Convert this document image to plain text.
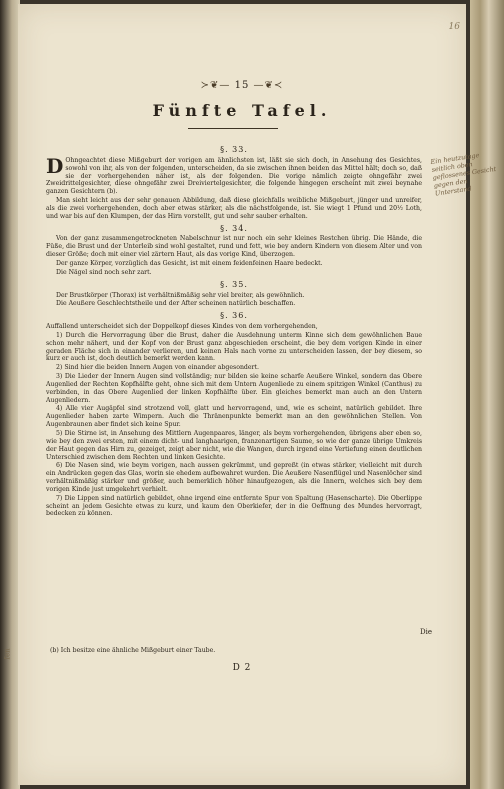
fen
16
≻❦— 15 —❦≺
Fünfte Tafel.
§. 33.

D Ohngeachtet diese Mißgeburt der vorigen am ähnlichsten ist, läßt sie sich doch, in Ansehung des Gesichtes, sowohl von ihr, als von der folgenden, unterscheiden, da sie zwischen ihnen beiden das Mittel hält; doch so, daß sie der vorhergehenden näher ist, als der folgenden. Die vorige nämlich zeigte ohngefähr zwei Zweidrittelgesichter, diese ohngefähr zwei Dreiviertelgesichter, die folgende hingegen erscheint mit zwei beynahe ganzen Gesichtern (b).

Man sieht leicht aus der sehr genauen Abbildung, daß diese gleichfalls weibliche Mißgeburt, jünger und unreifer, als die zwei vorhergehenden, doch aber etwas stärker, als die nächstfolgende, ist. Sie wiegt 1 Pfund und 20½ Loth, und war bis auf den Klumpen, der das Hirn vorstellt, gut und sehr sauber erhalten.

§. 34.

Von der ganz zusammengetrockneten Nabelschnur ist nur noch ein sehr kleines Restchen übrig. Die Hände, die Füße, die Brust und der Unterleib sind wohl gestaltet, rund und fett, wie bey andern Kindern von diesem Alter und von dieser Größe; doch mit einer viel zärtern Haut, als das vorige Kind, überzogen.

Der ganze Körper, vorzüglich das Gesicht, ist mit einem feidenfeinen Haare bedeckt.

Die Nägel sind noch sehr zart.

§. 35.

Der Brustkörper (Thorax) ist verhältnißmäßig sehr viel breiter, als gewöhnlich.

Die Aeußere Geschlechtstheile und der After scheinen natürlich beschaffen.

§. 36.

Auffallend unterscheidet sich der Doppelkopf dieses Kindes von dem vorhergehenden,

1) Durch die Hervorragung über die Brust, daher die Ausdehnung unterm Kinne sich dem gewöhnlichen Baue schon mehr nähert, und der Kopf von der Brust ganz abgeschieden erscheint, die bey dem vorigen Kinde in einer geraden Fläche sich in einander verlieren, und keinen Hals nach vorne zu unterscheiden lassen, der bey diesem, so kurz er auch ist, doch deutlich bemerkt werden kann.

2) Sind hier die beiden Innern Augen von einander abgesondert.

3) Die Lieder der Innern Augen sind vollständig; nur bilden sie keine scharfe Aeußere Winkel, sondern das Obere Augenlied der Rechten Kopfhälfte geht, ohne sich mit dem Untern Augenliede zu einem spitzigen Winkel (Canthus) zu verbinden, in das Obere Augenlied der linken Kopfhälfte über. Ein gleiches bemerkt man auch an den Untern Augenliedern.

4) Alle vier Augäpfel sind strotzend voll, glatt und hervorragend, und, wie es scheint, natürlich gebildet. Ihre Augenlieder haben zarte Wimpern. Auch die Thränenpunkte bemerkt man an den gewöhnlichen Stellen. Von Augenbraunen aber findet sich keine Spur.

5) Die Stirne ist, in Ansehung des Mittlern Augenpaares, länger, als beym vorhergehenden, übrigens aber eben so, wie bey den zwei ersten, mit einem dicht- und langhaarigen, franzenartigen Saume, so wie der ganze übrige Umkreis der Haut gegen das Hirn zu, gezeiget, zeigt aber nicht, wie die Wangen, durch irgend eine Vertiefung einen deutlichen Unterschied zwischen dem Rechten und linken Gesichte.

6) Die Nasen sind, wie beym vorigen, nach aussen gekrümmt, und gepreßt (in etwas stärker, vielleicht mit durch ein Andrücken gegen das Glas, worin sie ehedem aufbewahret wurden. Die Aeußere Nasenflügel und Nasenlöcher sind verhältnißmäßig stärker und größer, auch bemerklich höher hinaufgezogen, als die Innern, welches sich bey dem vorigen Kinde just umgekehrt verhielt.

7) Die Lippen sind natürlich gebildet, ohne irgend eine entfernte Spur von Spaltung (Hasenscharte). Die Oberlippe scheint an jedem Gesichte etwas zu kurz, und kaum den Oberkiefer, der in die Oeffnung des Mundes hervorragt, bedecken zu können.

Ein heutzutage seitlich oben geflossenes Gesicht gegen den Unterstand
Die
(b) Ich besitze eine ähnliche Mißgeburt einer Taube.
D 2
